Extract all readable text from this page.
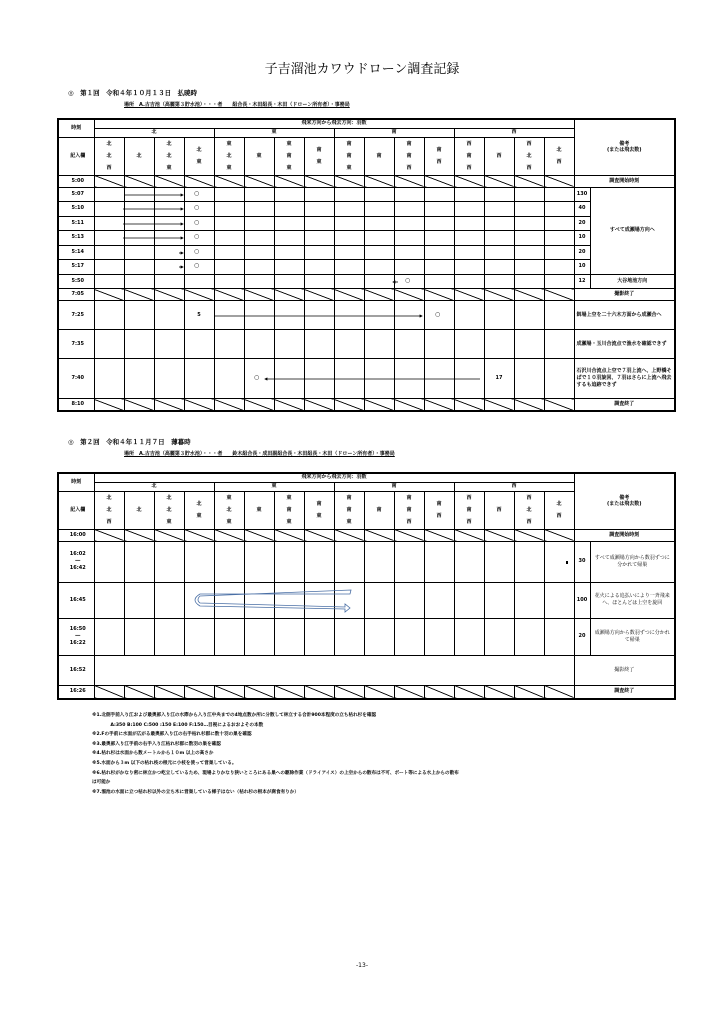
子吉溜池カワウドローン調査記録
◎　第１回　令和４年１０月１３日　払暁時
場所　A.古吉池（高麗第３貯水池）・・・者　　組合長・木田組長・木田（ドローン所有者）・事務局
時刻	飛来方向から飛去方向：羽数																備考
(または飛去数)	

	北				東				南				西					
記入欄	北北西	北	北北東	北東	東北東	東	東南東	南東	南南東	南	南南西	南西	西南西	西	西北西	北西		
5:00																	調査開始時刻	
5:07																	130	すべて成瀬場方向へ
5:10																	40	
5:11																	20	
5:13																	10	
5:14																	20	
5:17																	10	
5:50																	12	大谷地池方向
7:05																	撮影終了	
7:25				5													餌場上空を二十六木方面から成瀬合へ	
7:35																	成瀬場・玉川合流点で漁水を確認できず	
7:40														17			石沢川合流点上空で７羽上流へ、上野橋そばで１０羽旋回、７羽はさらに上流へ飛去するも追跡できず	
8:10																	調査終了	
◎　第２回　令和４年１１月７日　薄暮時
場所　A.古吉池（高麗第３貯水池）・・・者　　鈴木組合長・成田副組合長・木田組長・木田（ドローン所有者）・事務局
時刻	飛来方向から飛去方向：羽数																備考
(または飛去数)	

	北				東				南				西					
記入欄	北北西	北	北北東	北東	東北東	東	東南東	南東	南南東	南	南南西	南西	西南西	西	西北西	北西		
16:00																	調査開始時刻	

16:02
―
16:42																	30	すべて成瀬場方向から数羽ずつに分かれて帰巣
16:45																	100	花火による追払いにより一斉飛来へ、ほとんどは上空を旋回

16:50
―
16:22																	20	成瀬場方向から数羽ずつに分かれて帰巣
16:52																	撮影終了	
16:26																	調査終了	
※1.北側手前入り江および最奥部入り江の水際から入り江中央までの4地点数か所に分散して林立する合計900本程度の立ち枯れ杉を確認
　　　　A:350 B:100 C:500 :150 E:100 F:150…目視によるおおよその本数
※2.Fの手前に水面が広がる最奥部入り江の右手枯れ杉群に数十羽の巣を確認
※3.最奥部入り江手前の右手入り江枯れ杉群に数羽の巣を確認
※4.枯れ杉は水面から数メートルから１０m 以上の高さか
※5.水面から３m 以下の枯れ枝の根元に小枝を使って営巣している。
※6.枯れ杉がかなり密に林立かつ屹立しているため、現場よりかなり狭いところにある巣への駆除作業（ドライアイス）の上空からの散布は不可、ボート等による水上からの散布
は可能か
※7.溜池の水面に立つ枯れ杉以外の立ち木に営巣している様子はない（枯れ杉の根本が腐食有りか）
-13-
○
○
○
○
○
○
○
○
○
